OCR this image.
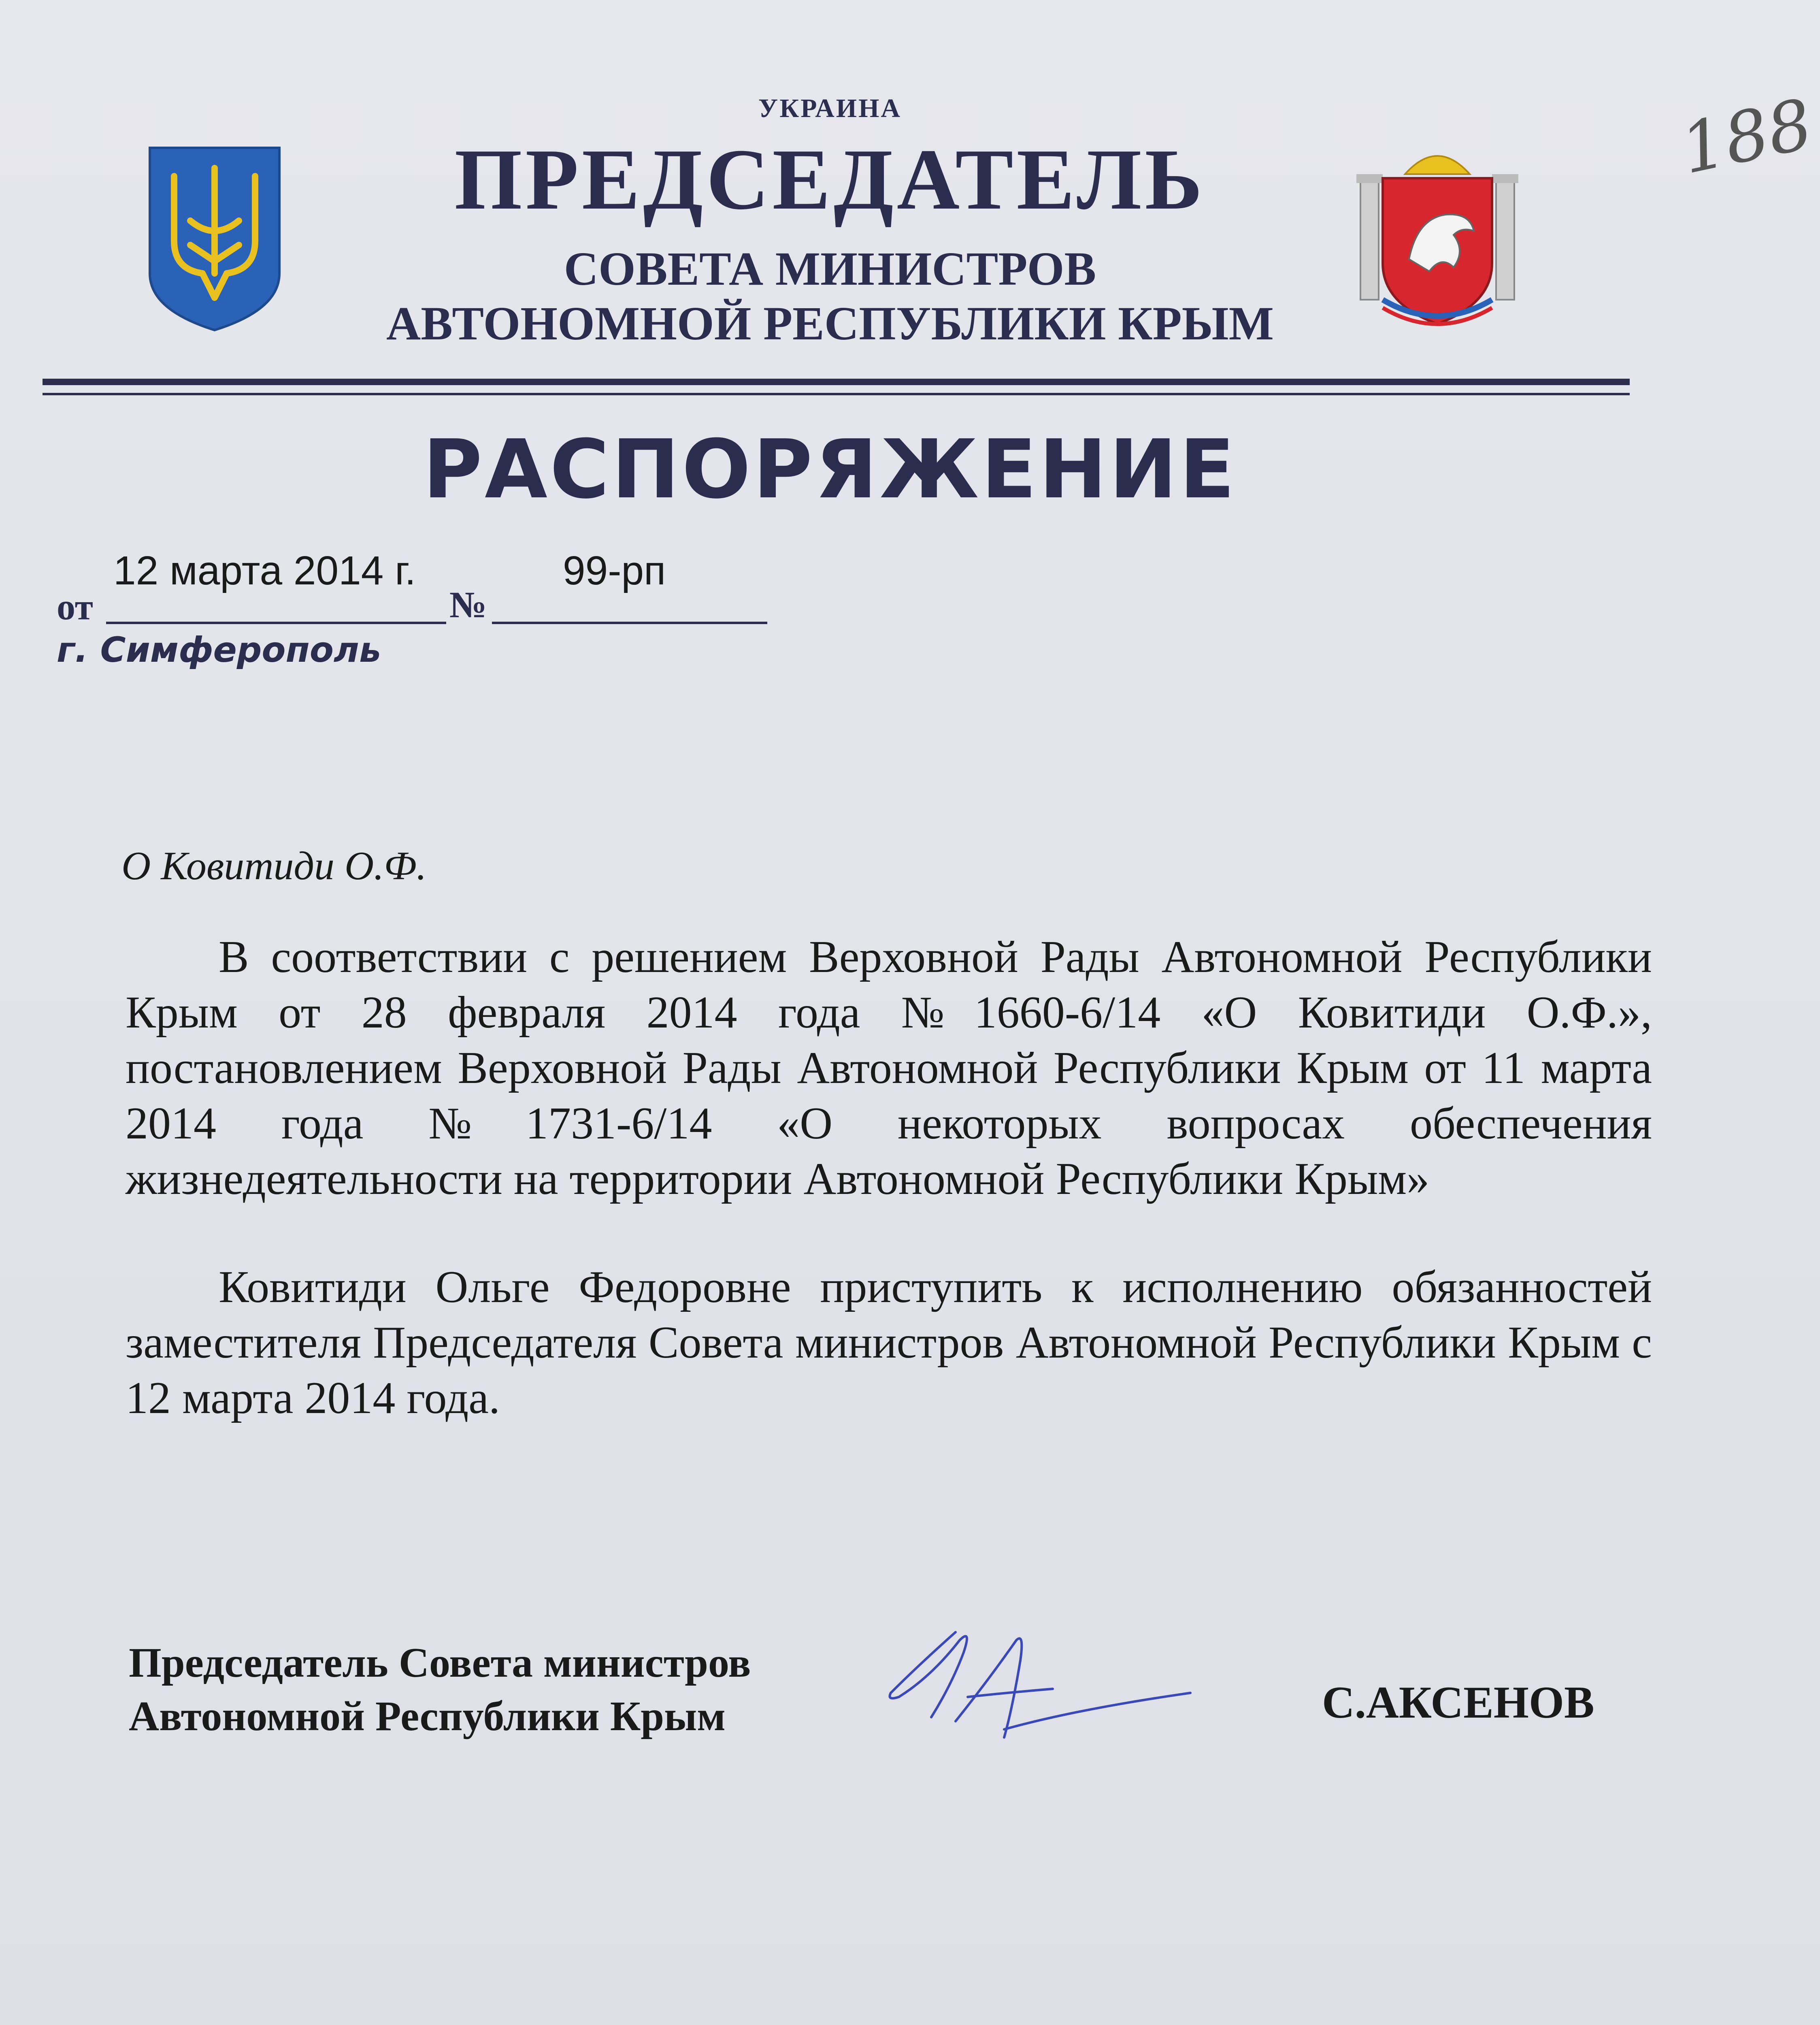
УКРАИНА
ПРЕДСЕДАТЕЛЬ
СОВЕТА МИНИСТРОВ
АВТОНОМНОЙ РЕСПУБЛИКИ КРЫМ
188
РАСПОРЯЖЕНИЕ
от
12 марта 2014 г.
№
99-рп
г. Симферополь
О Ковитиди О.Ф.
В соответствии с решением Верховной Рады Автономной Республики Крым от 28 февраля 2014 года №1660-6/14 «О Ковитиди О.Ф.», постановлением Верховной Рады Автономной Республики Крым от 11 марта 2014 года №1731-6/14 «О некоторых вопросах обеспечения жизнедеятельности на территории Автономной Республики Крым»
Ковитиди Ольге Федоровне приступить к исполнению обязанностей заместителя Председателя Совета министров Автономной Республики Крым с 12 марта 2014 года.
Председатель Совета министров
Автономной Республики Крым	С.АКСЕНОВ
